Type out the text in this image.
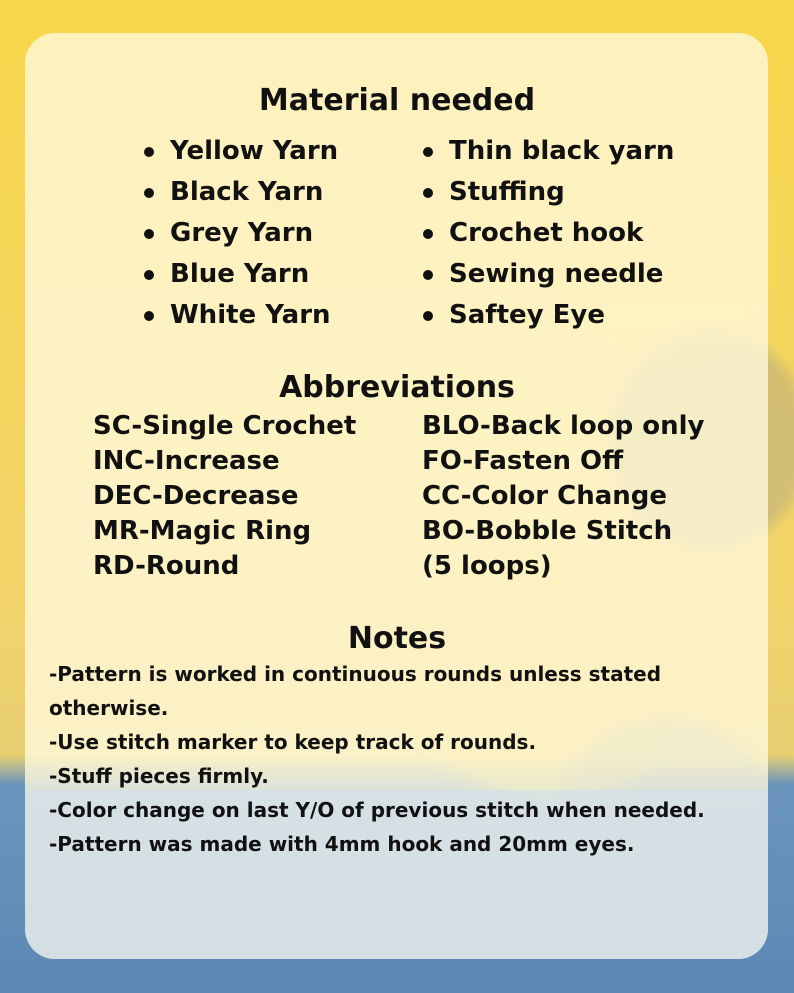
Material needed
Yellow Yarn
Black Yarn
Grey Yarn
Blue Yarn
White Yarn
Thin black yarn
Stuffing
Crochet hook
Sewing needle
Saftey Eye
Abbreviations
SC-Single Crochet
INC-Increase
DEC-Decrease
MR-Magic Ring
RD-Round
BLO-Back loop only
FO-Fasten Off
CC-Color Change
BO-Bobble Stitch
(5 loops)
Notes
-Pattern is worked in continuous rounds unless stated otherwise.
-Use stitch marker to keep track of rounds.
-Stuff pieces firmly.
-Color change on last Y/O of previous stitch when needed.
-Pattern was made with 4mm hook and 20mm eyes.
